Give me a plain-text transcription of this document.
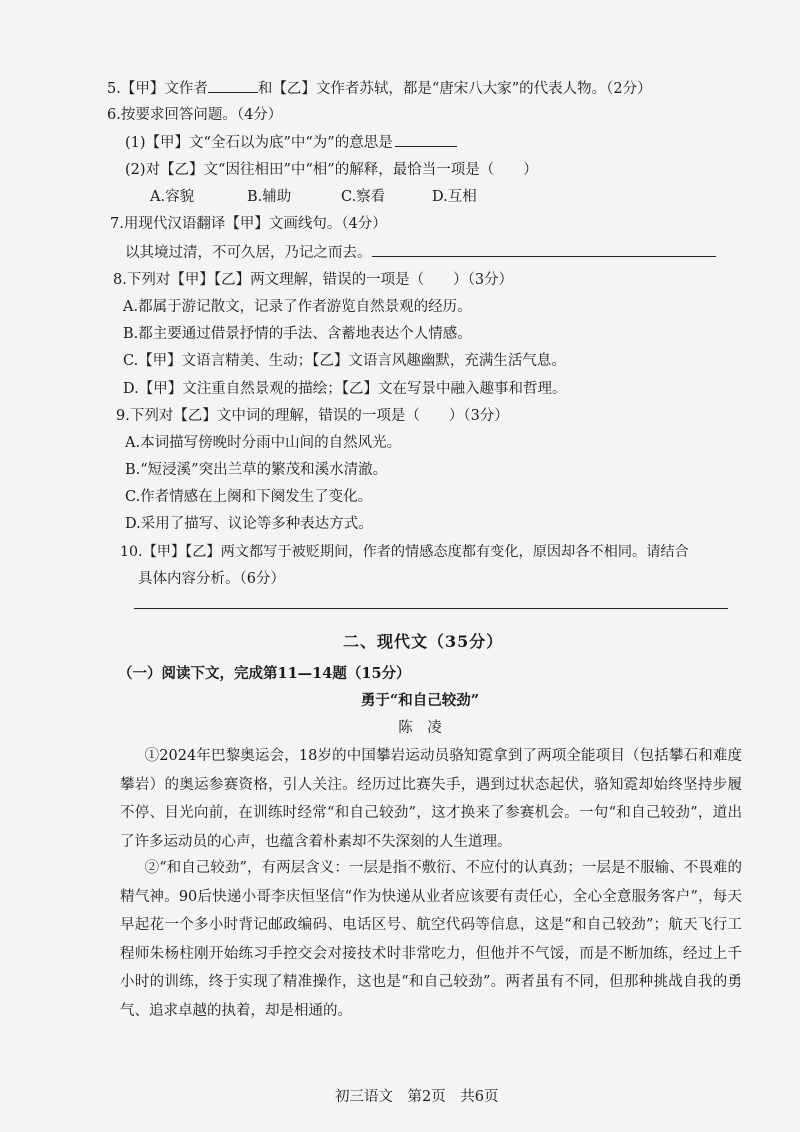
5.【甲】文作者	和【乙】文作者苏轼，都是“唐宋八大家”的代表人物。（2分）
6.按要求回答问题。（4分）
(1)【甲】文“全石以为底”中“为”的意思是
(2)对【乙】文“因往相田”中“相”的解释，最恰当一项是（　　）
A.容貌	B.辅助	C.察看	D.互相
7.用现代汉语翻译【甲】文画线句。（4分）
以其境过清，不可久居，乃记之而去。
8.下列对【甲】【乙】两文理解，错误的一项是（　　）（3分）
A.都属于游记散文，记录了作者游览自然景观的经历。
B.都主要通过借景抒情的手法、含蓄地表达个人情感。
C.【甲】文语言精美、生动；【乙】文语言风趣幽默，充满生活气息。
D.【甲】文注重自然景观的描绘；【乙】文在写景中融入趣事和哲理。
9.下列对【乙】文中词的理解，错误的一项是（　　）（3分）
A.本词描写傍晚时分雨中山间的自然风光。
B.“短浸溪”突出兰草的繁茂和溪水清澈。
C.作者情感在上阕和下阕发生了变化。
D.采用了描写、议论等多种表达方式。
10.【甲】【乙】两文都写于被贬期间，作者的情感态度都有变化，原因却各不相同。请结合
具体内容分析。（6分）
二、现代文（35分）
（一）阅读下文，完成第11—14题（15分）
勇于“和自己较劲”
陈　凌
①2024年巴黎奥运会，18岁的中国攀岩运动员骆知霓拿到了两项全能项目（包括攀石和难度攀岩）的奥运参赛资格，引人关注。经历过比赛失手，遇到过状态起伏，骆知霓却始终坚持步履不停、目光向前，在训练时经常“和自己较劲”，这才换来了参赛机会。一句“和自己较劲”，道出了许多运动员的心声，也蕴含着朴素却不失深刻的人生道理。
②“和自己较劲”，有两层含义：一层是指不敷衍、不应付的认真劲；一层是不服输、不畏难的精气神。90后快递小哥李庆恒坚信“作为快递从业者应该要有责任心，全心全意服务客户”，每天早起花一个多小时背记邮政编码、电话区号、航空代码等信息，这是“和自己较劲”；航天飞行工程师朱杨柱刚开始练习手控交会对接技术时非常吃力，但他并不气馁，而是不断加练，经过上千小时的训练，终于实现了精准操作，这也是“和自己较劲”。两者虽有不同，但那种挑战自我的勇气、追求卓越的执着，却是相通的。
初三语文　第2页　共6页
